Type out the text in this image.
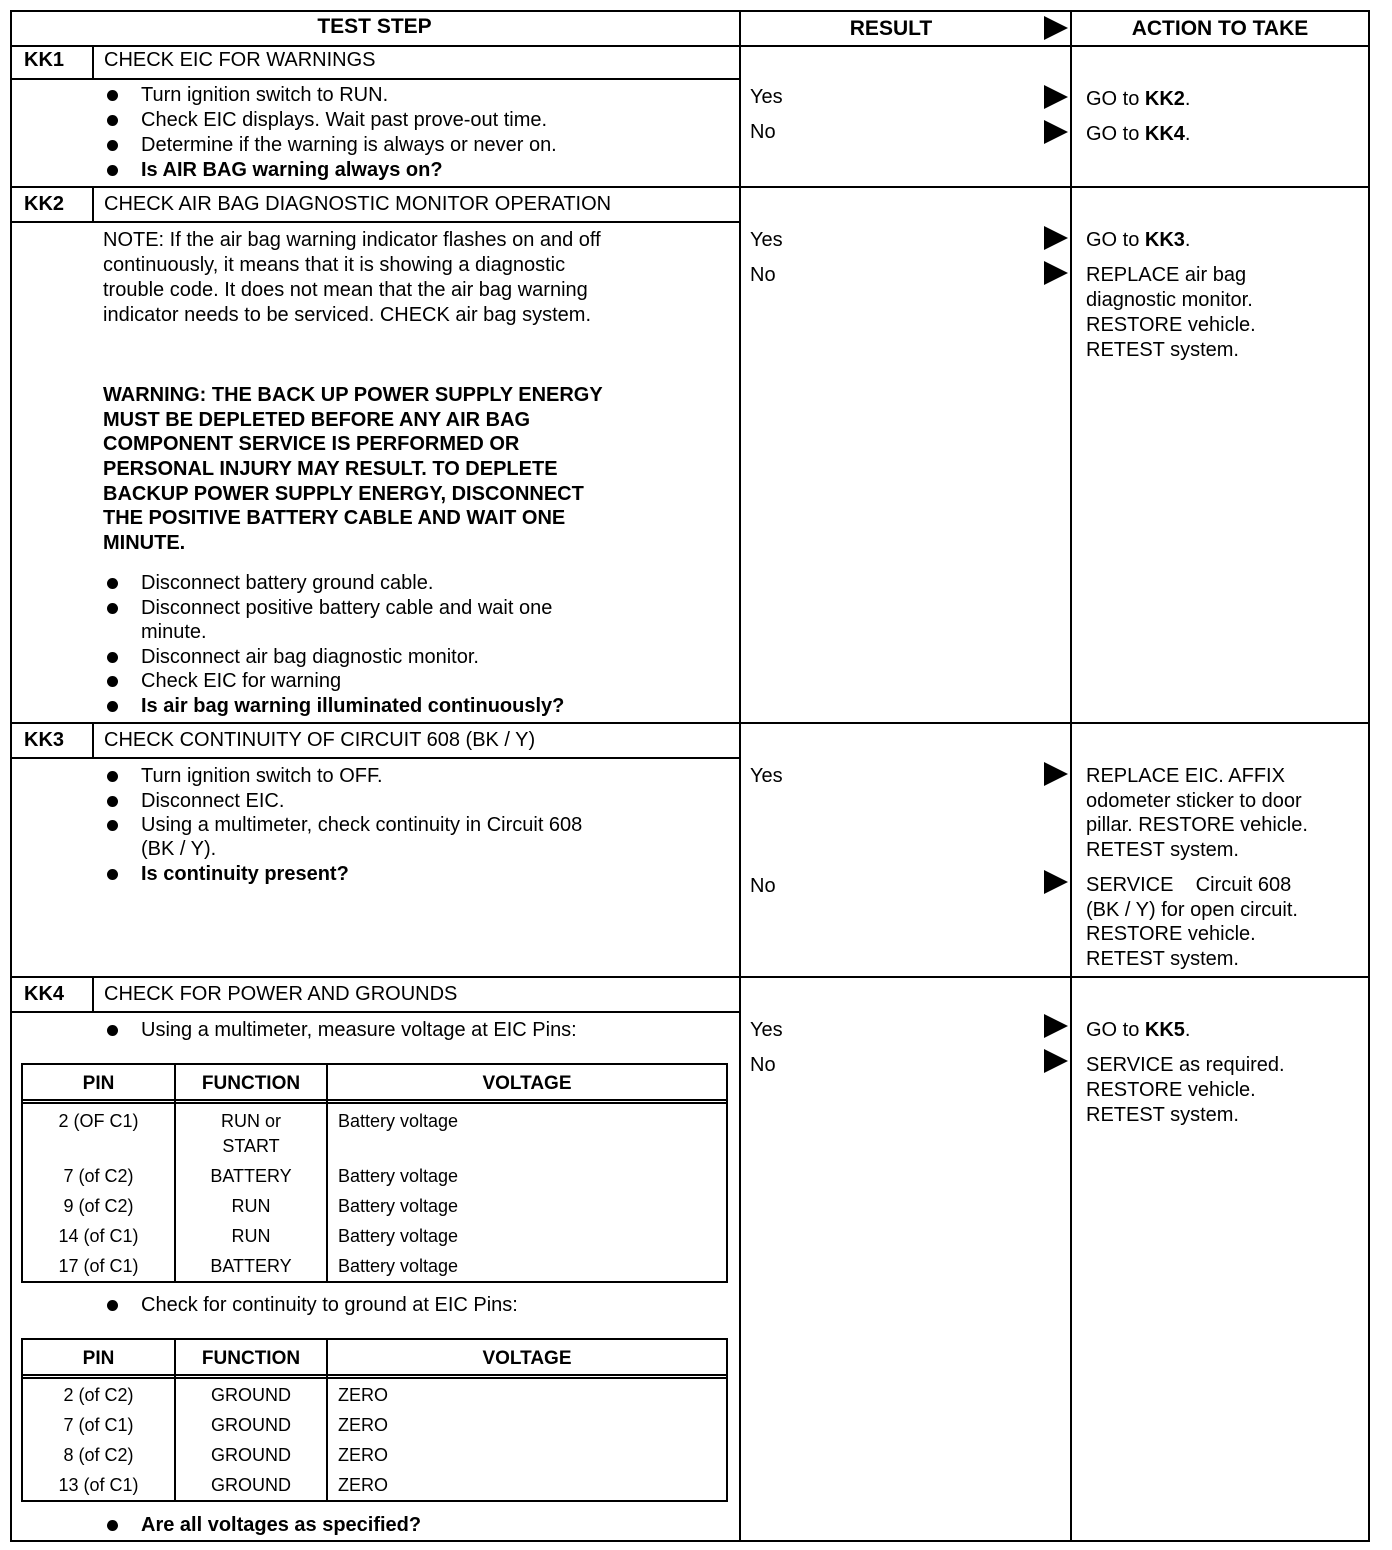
TEST STEP	RESULT	ACTION TO TAKE
KK1 CHECK EIC FOR WARNINGS
Turn ignition switch to RUN.
Check EIC displays. Wait past prove-out time.
Determine if the warning is always or never on.
Is AIR BAG warning always on?
Yes	GO to KK2.
No	GO to KK4.
KK2 CHECK AIR BAG DIAGNOSTIC MONITOR OPERATION
NOTE: If the air bag warning indicator flashes on and off
continuously, it means that it is showing a diagnostic
trouble code. It does not mean that the air bag warning
indicator needs to be serviced. CHECK air bag system.
WARNING: THE BACK UP POWER SUPPLY ENERGY
MUST BE DEPLETED BEFORE ANY AIR BAG
COMPONENT SERVICE IS PERFORMED OR
PERSONAL INJURY MAY RESULT. TO DEPLETE
BACKUP POWER SUPPLY ENERGY, DISCONNECT
THE POSITIVE BATTERY CABLE AND WAIT ONE
MINUTE.
Disconnect battery ground cable.
Disconnect positive battery cable and wait one
minute.
Disconnect air bag diagnostic monitor.
Check EIC for warning
Is air bag warning illuminated continuously?
Yes	GO to KK3.
No	REPLACE air bag
diagnostic monitor.
RESTORE vehicle.
RETEST system.
KK3 CHECK CONTINUITY OF CIRCUIT 608 (BK / Y)
Turn ignition switch to OFF.
Disconnect EIC.
Using a multimeter, check continuity in Circuit 608
(BK / Y).
Is continuity present?
Yes	REPLACE EIC. AFFIX
odometer sticker to door
pillar. RESTORE vehicle.
RETEST system.
No	SERVICE    Circuit 608
(BK / Y) for open circuit.
RESTORE vehicle.
RETEST system.
KK4 CHECK FOR POWER AND GROUNDS
Using a multimeter, measure voltage at EIC Pins:
PIN	FUNCTION	VOLTAGE
2 (OF C1)	RUN or	Battery voltage
START
7 (of C2)	BATTERY	Battery voltage
9 (of C2)	RUN	Battery voltage
14 (of C1)	RUN	Battery voltage
17 (of C1)	BATTERY	Battery voltage
Check for continuity to ground at EIC Pins:
PIN	FUNCTION	VOLTAGE
2 (of C2)	GROUND	ZERO
7 (of C1)	GROUND	ZERO
8 (of C2)	GROUND	ZERO
13 (of C1)	GROUND	ZERO
Are all voltages as specified?
Yes	GO to KK5.
No	SERVICE as required.
RESTORE vehicle.
RETEST system.
